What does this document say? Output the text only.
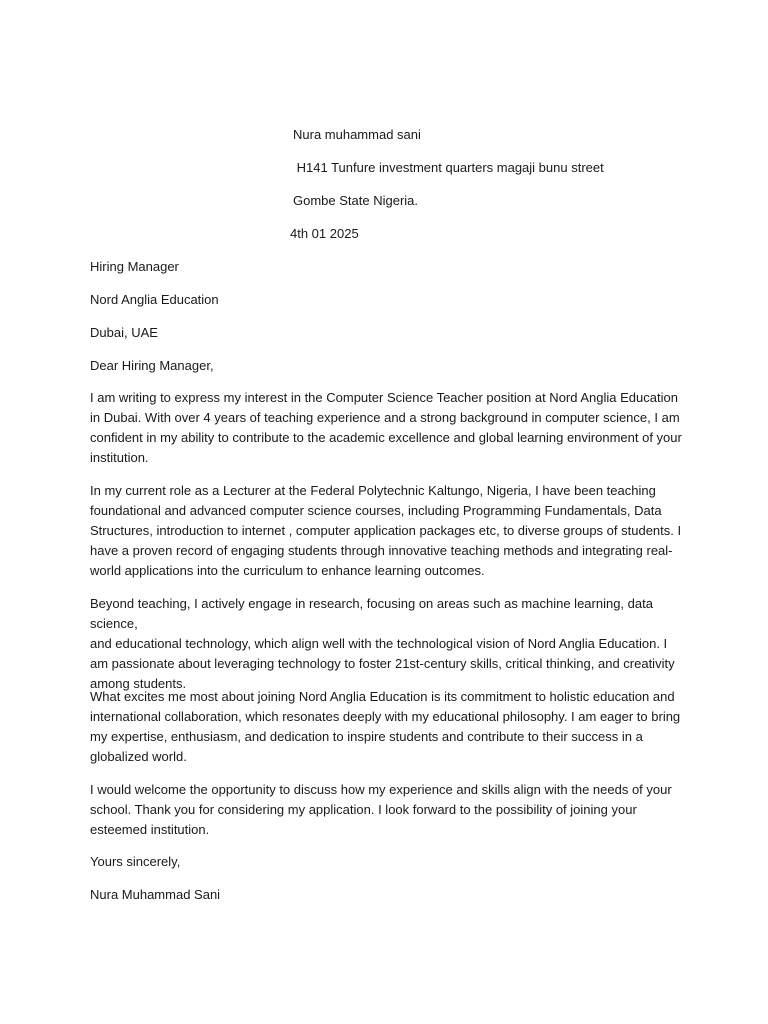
Nura muhammad sani
H141 Tunfure investment quarters magaji bunu street
Gombe State Nigeria.
4th 01 2025
Hiring Manager
Nord Anglia Education
Dubai, UAE
Dear Hiring Manager,
I am writing to express my interest in the Computer Science Teacher position at Nord Anglia Education
in Dubai. With over 4 years of teaching experience and a strong background in computer science, I am
confident in my ability to contribute to the academic excellence and global learning environment of your
institution.
In my current role as a Lecturer at the Federal Polytechnic Kaltungo, Nigeria, I have been teaching
foundational and advanced computer science courses, including Programming Fundamentals, Data
Structures, introduction to internet , computer application packages etc, to diverse groups of students. I
have a proven record of engaging students through innovative teaching methods and integrating real-
world applications into the curriculum to enhance learning outcomes.
Beyond teaching, I actively engage in research, focusing on areas such as machine learning, data science,
and educational technology, which align well with the technological vision of Nord Anglia Education. I
am passionate about leveraging technology to foster 21st-century skills, critical thinking, and creativity
among students.
What excites me most about joining Nord Anglia Education is its commitment to holistic education and
international collaboration, which resonates deeply with my educational philosophy. I am eager to bring
my expertise, enthusiasm, and dedication to inspire students and contribute to their success in a
globalized world.
I would welcome the opportunity to discuss how my experience and skills align with the needs of your
school. Thank you for considering my application. I look forward to the possibility of joining your
esteemed institution.
Yours sincerely,
Nura Muhammad Sani
